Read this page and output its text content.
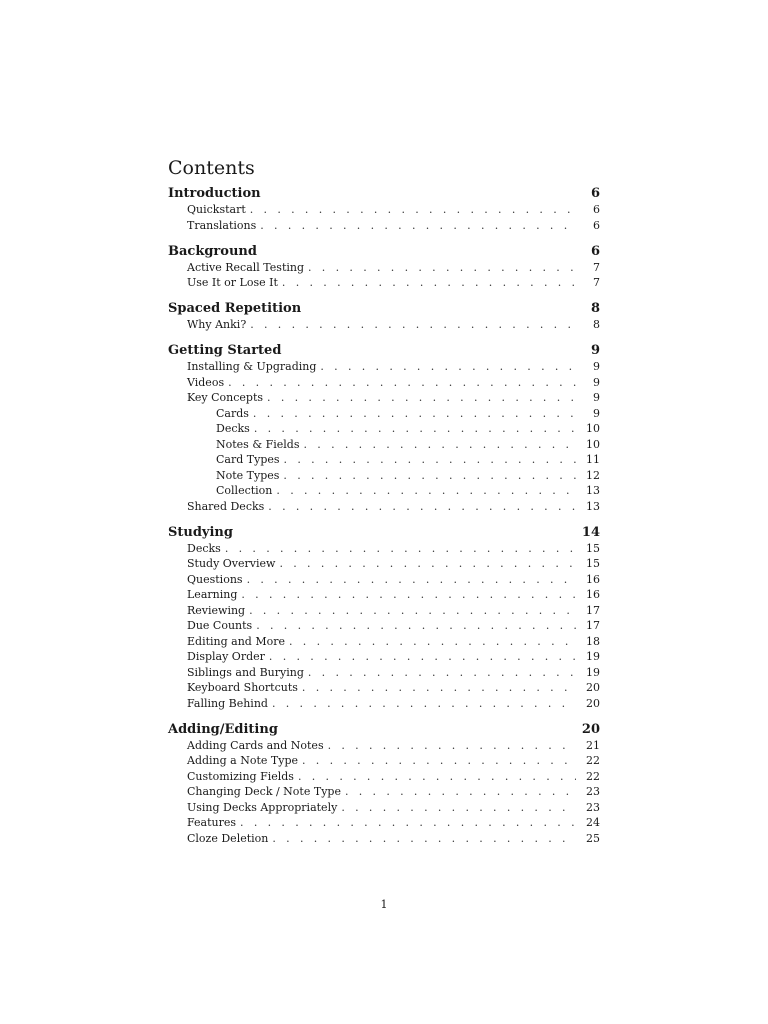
Contents
Introduction	6
Quickstart . . .	6
Translations . . .	6
Background	6
Active Recall Testing . . .	7
Use It or Lose It . . .	7
Spaced Repetition	8
Why Anki? . . .	8
Getting Started	9
Installing & Upgrading . . .	9
Videos . . .	9
Key Concepts . . .	9
Cards . . .	9
Decks . . .	10
Notes & Fields . . .	10
Card Types . . .	11
Note Types . . .	12
Collection . . .	13
Shared Decks . . .	13
Studying	14
Decks . . .	15
Study Overview . . .	15
Questions . . .	16
Learning . . .	16
Reviewing . . .	17
Due Counts . . .	17
Editing and More . . .	18
Display Order . . .	19
Siblings and Burying . . .	19
Keyboard Shortcuts . . .	20
Falling Behind . . .	20
Adding/Editing	20
Adding Cards and Notes . . .	21
Adding a Note Type . . .	22
Customizing Fields . . .	22
Changing Deck / Note Type . . .	23
Using Decks Appropriately . . .	23
Features . . .	24
Cloze Deletion . . .	25
1
